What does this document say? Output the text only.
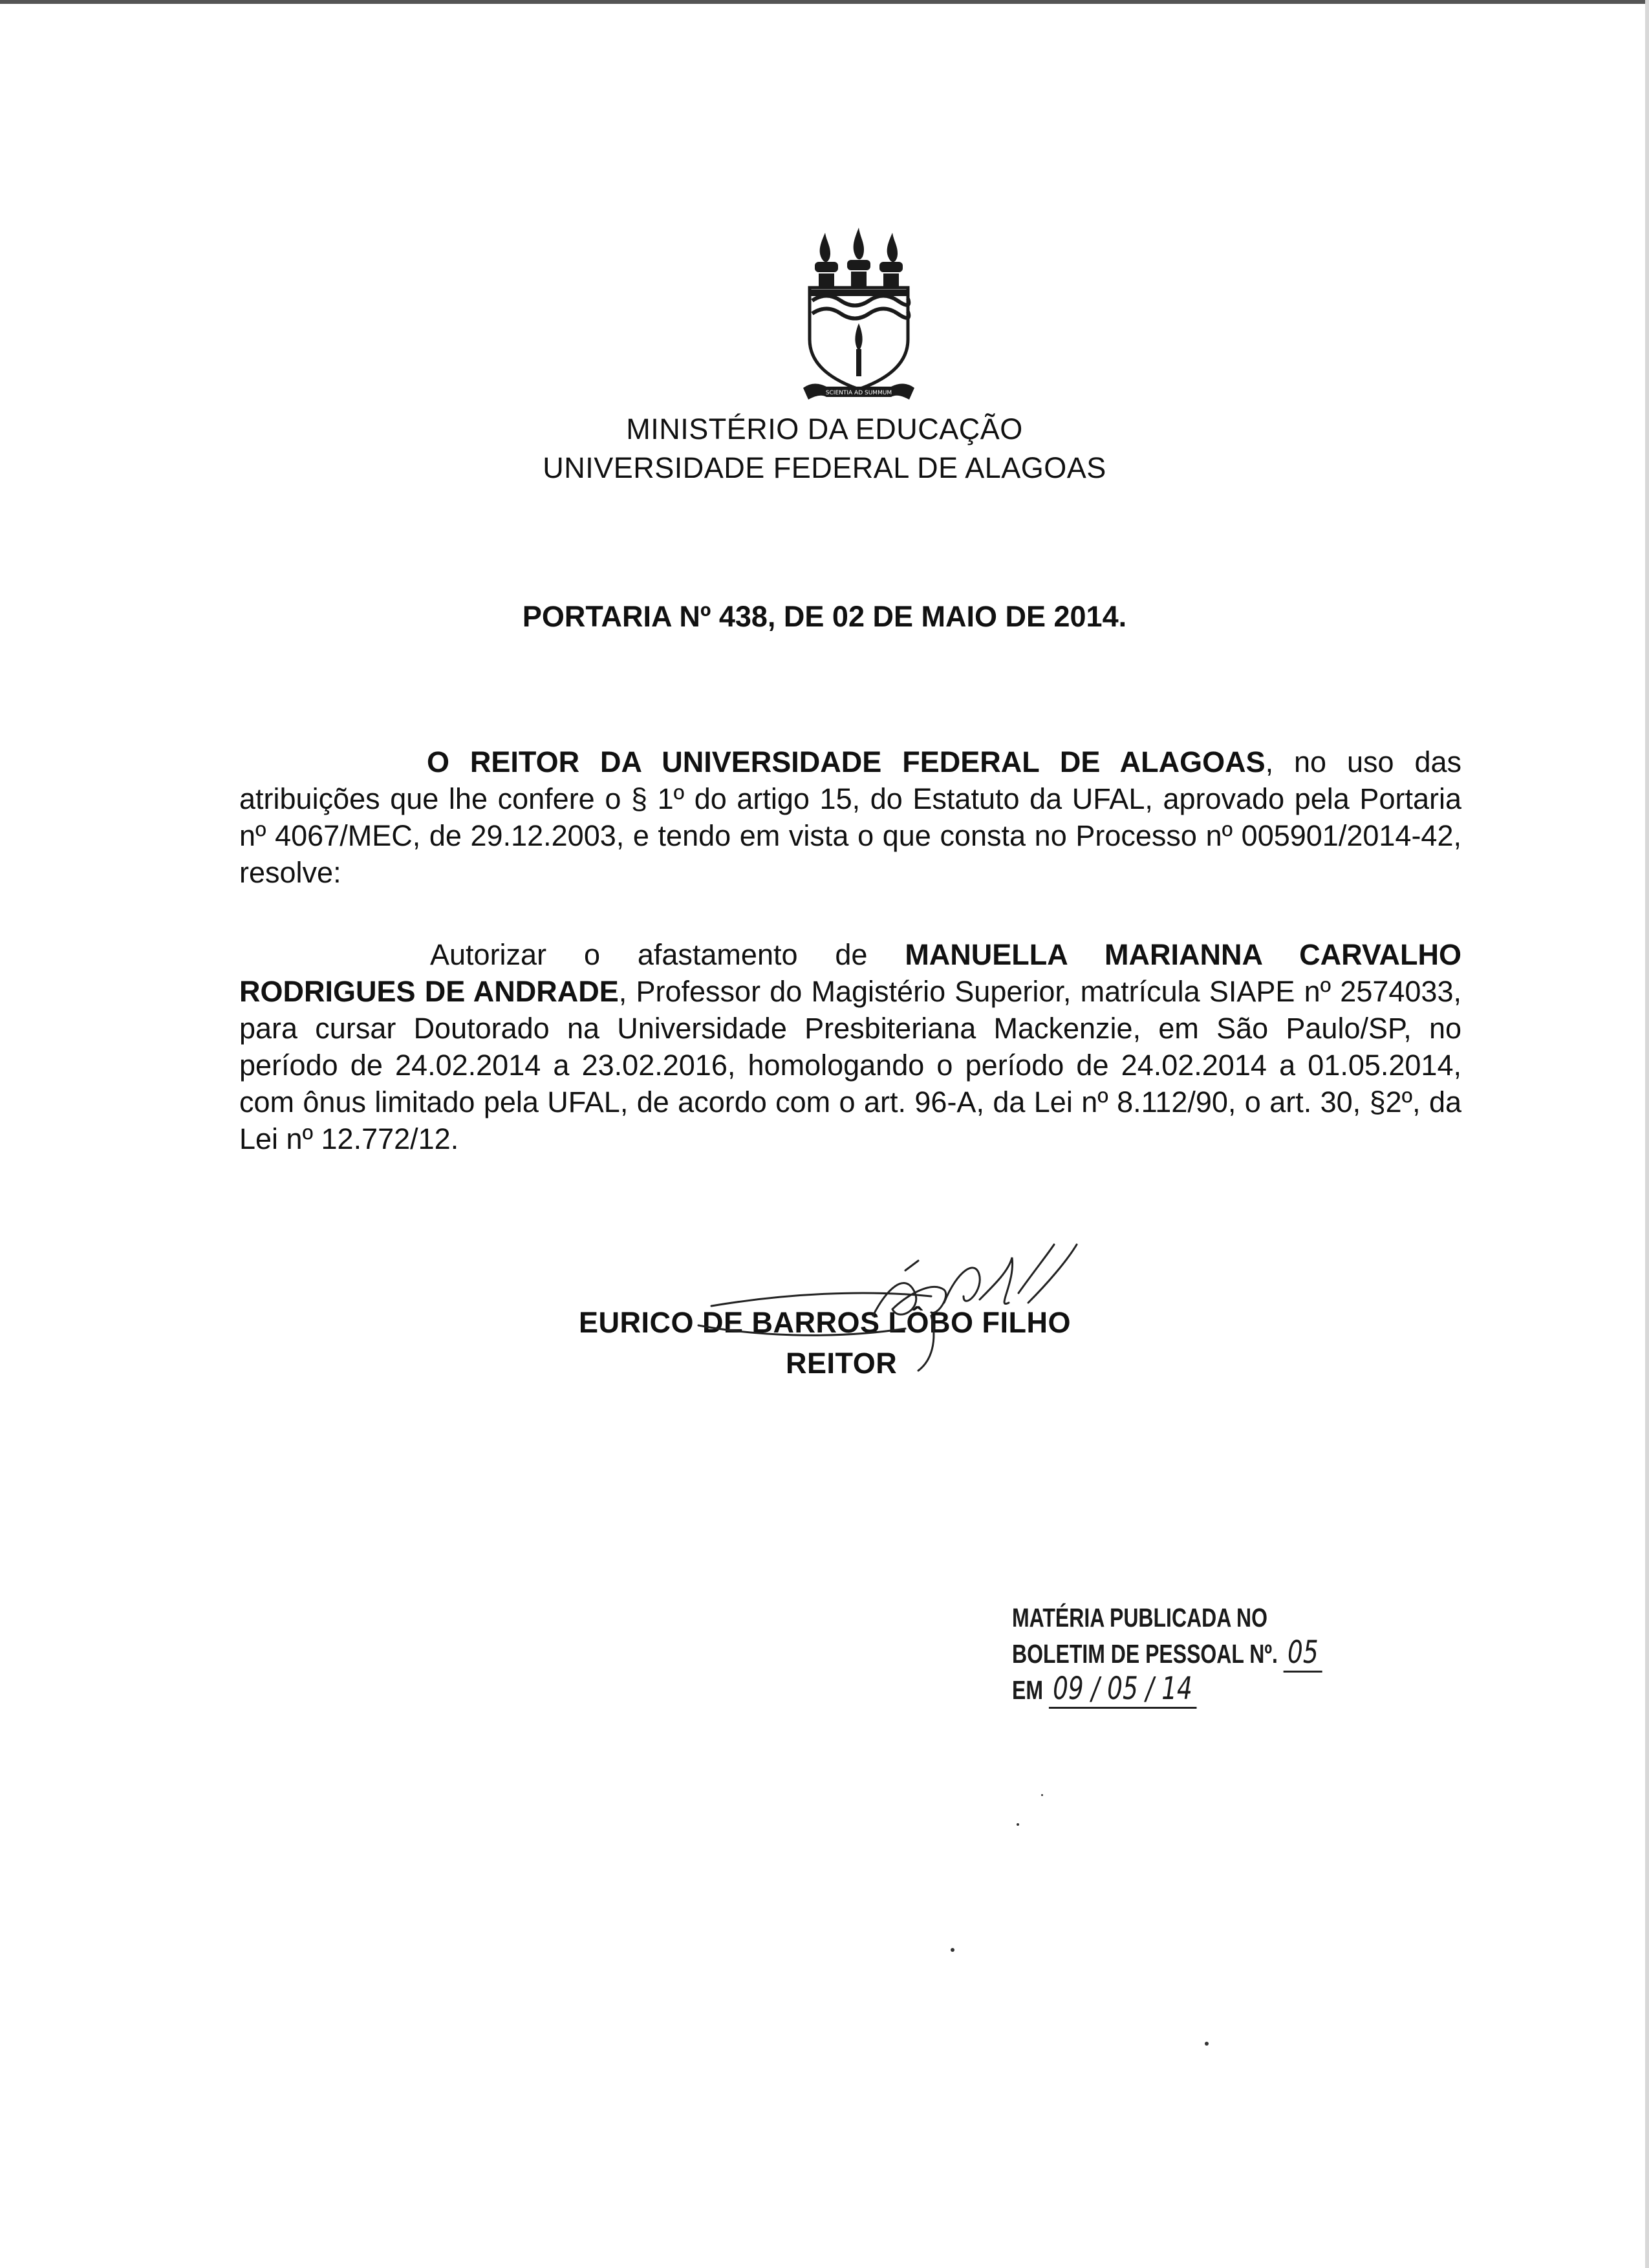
SCIENTIA AD SUMMUM
MINISTÉRIO DA EDUCAÇÃO
UNIVERSIDADE FEDERAL DE ALAGOAS
PORTARIA Nº 438, DE 02 DE MAIO DE 2014.
O REITOR DA UNIVERSIDADE FEDERAL DE ALAGOAS, no uso das atribuições que lhe confere o § 1º do artigo 15, do Estatuto da UFAL, aprovado pela Portaria nº 4067/MEC, de 29.12.2003, e tendo em vista o que consta no Processo nº 005901/2014-42, resolve:
Autorizar o afastamento de MANUELLA MARIANNA CARVALHO RODRIGUES DE ANDRADE, Professor do Magistério Superior, matrícula SIAPE nº 2574033, para cursar Doutorado na Universidade Presbiteriana Mackenzie, em São Paulo/SP, no período de 24.02.2014 a 23.02.2016, homologando o período de 24.02.2014 a 01.05.2014, com ônus limitado pela UFAL, de acordo com o art. 96-A, da Lei nº 8.112/90, o art. 30, §2º, da Lei nº 12.772/12.
EURICO DE BARROS LÔBO FILHO
REITOR
MATÉRIA PUBLICADA NO
BOLETIM DE PESSOAL Nº. 05
EM 09 / 05 / 14
